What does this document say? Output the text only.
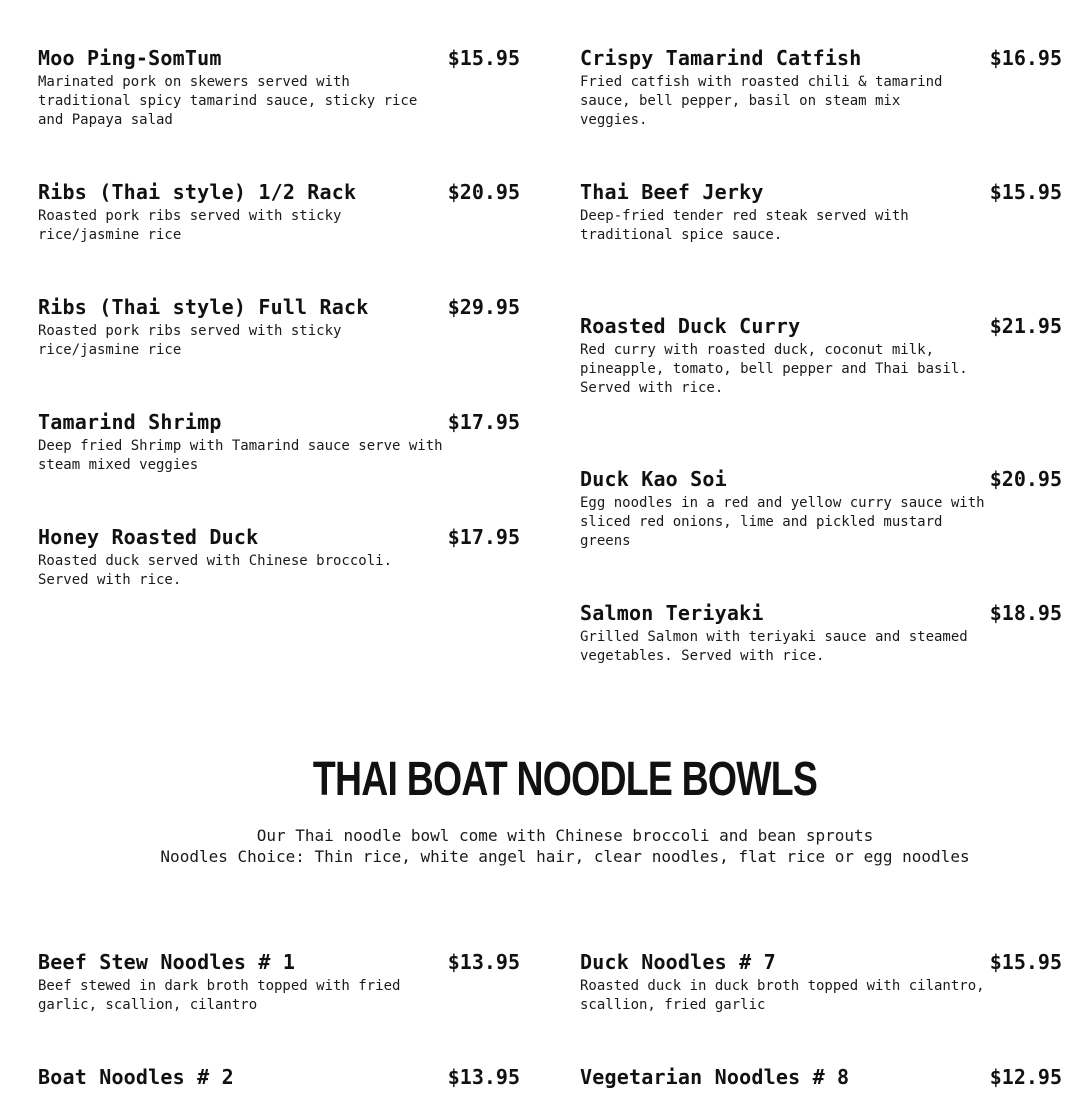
Moo Ping-SomTum	$15.95
Marinated pork on skewers served with
traditional spicy tamarind sauce, sticky rice
and Papaya salad
Ribs (Thai style) 1/2 Rack	$20.95
Roasted pork ribs served with sticky
rice/jasmine rice
Ribs (Thai style) Full Rack	$29.95
Roasted pork ribs served with sticky
rice/jasmine rice
Tamarind Shrimp	$17.95
Deep fried Shrimp with Tamarind sauce serve with
steam mixed veggies
Honey Roasted Duck	$17.95
Roasted duck served with Chinese broccoli.
Served with rice.
Crispy Tamarind Catfish	$16.95
Fried catfish with roasted chili & tamarind
sauce, bell pepper, basil on steam mix
veggies.
Thai Beef Jerky	$15.95
Deep-fried tender red steak served with
traditional spice sauce.
Roasted Duck Curry	$21.95
Red curry with roasted duck, coconut milk,
pineapple, tomato, bell pepper and Thai basil.
Served with rice.
Duck Kao Soi	$20.95
Egg noodles in a red and yellow curry sauce with
sliced red onions, lime and pickled mustard
greens
Salmon Teriyaki	$18.95
Grilled Salmon with teriyaki sauce and steamed
vegetables. Served with rice.
THAI BOAT NOODLE BOWLS
Our Thai noodle bowl come with Chinese broccoli and bean sprouts
Noodles Choice: Thin rice, white angel hair, clear noodles, flat rice or egg noodles
Beef Stew Noodles # 1	$13.95
Beef stewed in dark broth topped with fried
garlic, scallion, cilantro
Boat Noodles # 2	$13.95
Duck Noodles # 7	$15.95
Roasted duck in duck broth topped with cilantro,
scallion, fried garlic
Vegetarian Noodles # 8	$12.95
